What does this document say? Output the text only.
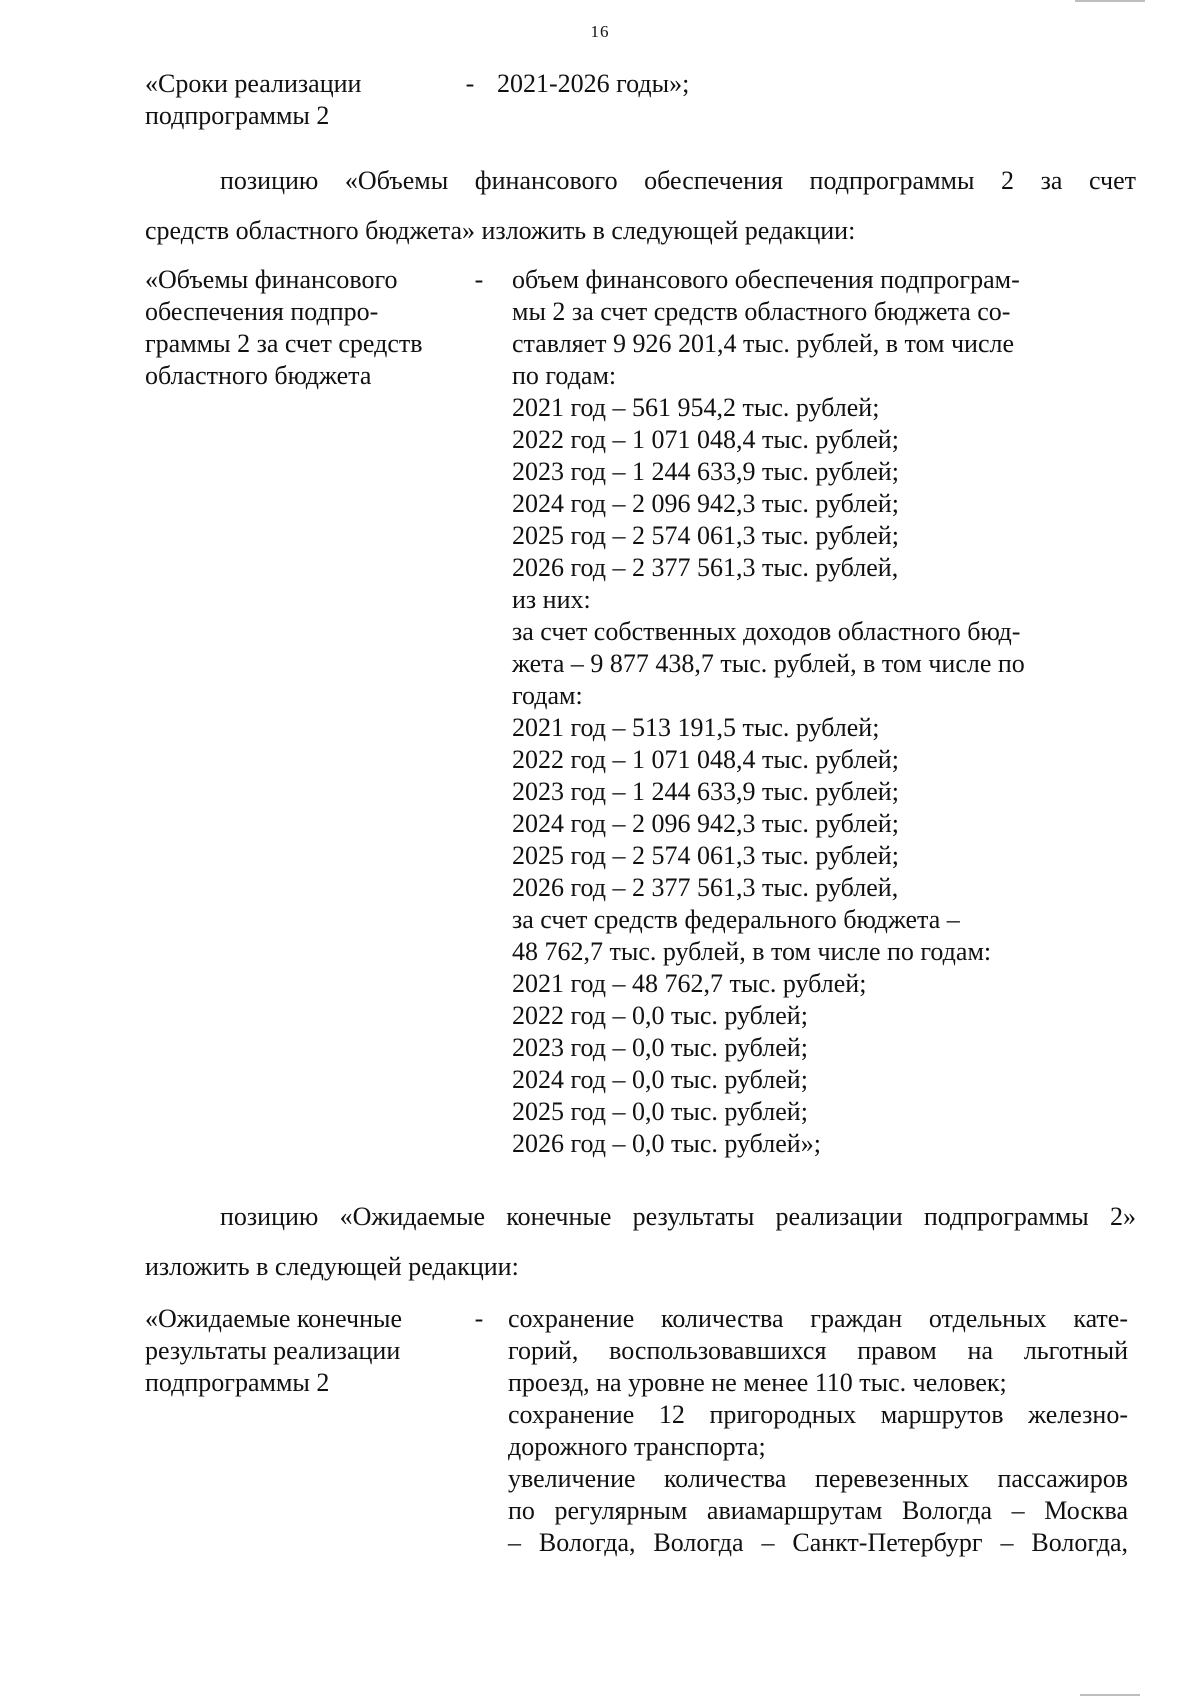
16
«Сроки реализации
подпрограммы 2
- 2021-2026 годы»;
позицию «Объемы финансового обеспечения подпрограммы 2 за счет
средств областного бюджета» изложить в следующей редакции:
«Объемы финансового
обеспечения подпро-
граммы 2 за счет средств
областного бюджета
- объем финансового обеспечения подпрограм-
мы 2 за счет средств областного бюджета со-
ставляет 9 926 201,4 тыс. рублей, в том числе
по годам:
2021 год – 561 954,2 тыс. рублей;
2022 год – 1 071 048,4 тыс. рублей;
2023 год – 1 244 633,9 тыс. рублей;
2024 год – 2 096 942,3 тыс. рублей;
2025 год – 2 574 061,3 тыс. рублей;
2026 год – 2 377 561,3 тыс. рублей,
из них:
за счет собственных доходов областного бюд-
жета – 9 877 438,7 тыс. рублей, в том числе по
годам:
2021 год – 513 191,5 тыс. рублей;
2022 год – 1 071 048,4 тыс. рублей;
2023 год – 1 244 633,9 тыс. рублей;
2024 год – 2 096 942,3 тыс. рублей;
2025 год – 2 574 061,3 тыс. рублей;
2026 год – 2 377 561,3 тыс. рублей,
за счет средств федерального бюджета –
48 762,7 тыс. рублей, в том числе по годам:
2021 год – 48 762,7 тыс. рублей;
2022 год – 0,0 тыс. рублей;
2023 год – 0,0 тыс. рублей;
2024 год – 0,0 тыс. рублей;
2025 год – 0,0 тыс. рублей;
2026 год – 0,0 тыс. рублей»;
позицию «Ожидаемые конечные результаты реализации подпрограммы 2»
изложить в следующей редакции:
«Ожидаемые конечные
результаты реализации
подпрограммы 2
- сохранение количества граждан отдельных кате-
горий, воспользовавшихся правом на льготный
проезд, на уровне не менее 110 тыс. человек;
сохранение 12 пригородных маршрутов железно-
дорожного транспорта;
увеличение количества перевезенных пассажиров
по регулярным авиамаршрутам Вологда – Москва
– Вологда, Вологда – Санкт-Петербург – Вологда,
